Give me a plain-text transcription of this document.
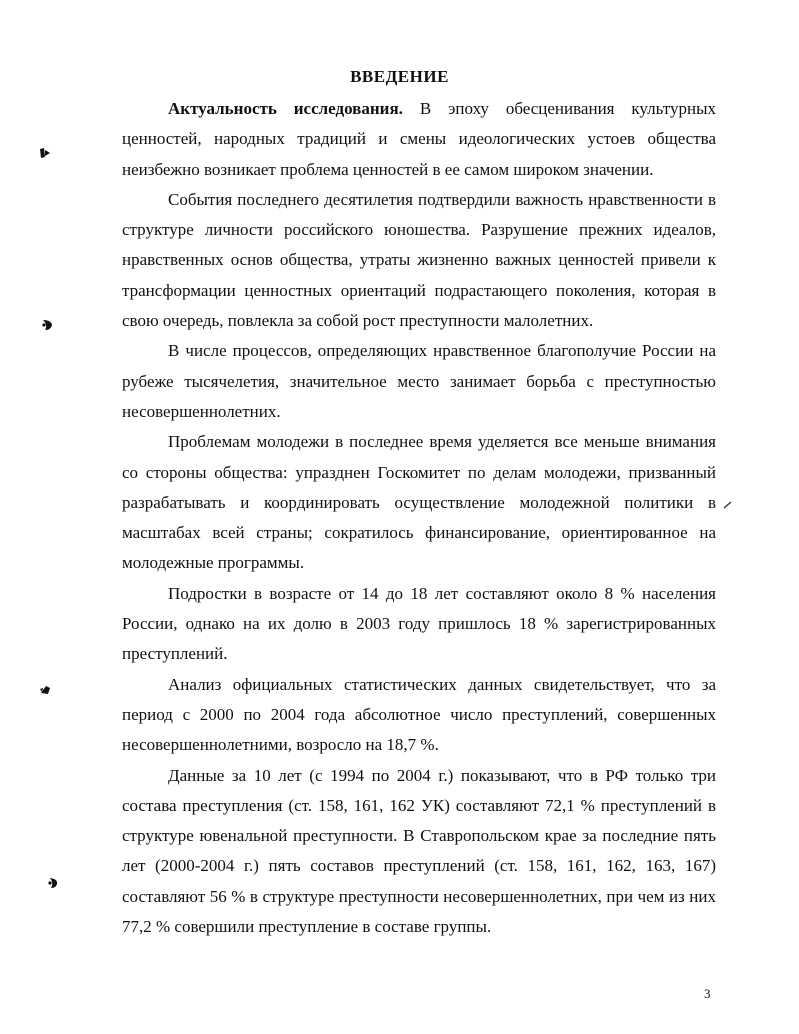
ВВЕДЕНИЕ

Актуальность исследования. В эпоху обесценивания культурных ценностей, народных традиций и смены идеологических устоев общества неизбежно возникает проблема ценностей в ее самом широком значении.

События последнего десятилетия подтвердили важность нравственности в структуре личности российского юношества. Разрушение прежних идеалов, нравственных основ общества, утраты жизненно важных ценностей привели к трансформации ценностных ориентаций подрастающего поколения, которая в свою очередь, повлекла за собой рост преступности малолетних.

В числе процессов, определяющих нравственное благополучие России на рубеже тысячелетия, значительное место занимает борьба с преступностью несовершеннолетних.

Проблемам молодежи в последнее время уделяется все меньше внимания со стороны общества: упразднен Госкомитет по делам молодежи, призванный разрабатывать и координировать осуществление молодежной политики в масштабах всей страны; сократилось финансирование, ориентированное на молодежные программы.

Подростки в возрасте от 14 до 18 лет составляют около 8 % населения России, однако на их долю в 2003 году пришлось 18 % зарегистрированных преступлений.

Анализ официальных статистических данных свидетельствует, что за период с 2000 по 2004 года абсолютное число преступлений, совершенных несовершеннолетними, возросло на 18,7 %.

Данные за 10 лет (с 1994 по 2004 г.) показывают, что в РФ только три состава преступления (ст. 158, 161, 162 УК) составляют 72,1 % преступлений в структуре ювенальной преступности. В Ставропольском крае за последние пять лет (2000-2004 г.) пять составов преступлений (ст. 158, 161, 162, 163, 167) составляют 56 % в структуре преступности несовершеннолетних, при чем из них 77,2 % совершили преступление в составе группы.

3
